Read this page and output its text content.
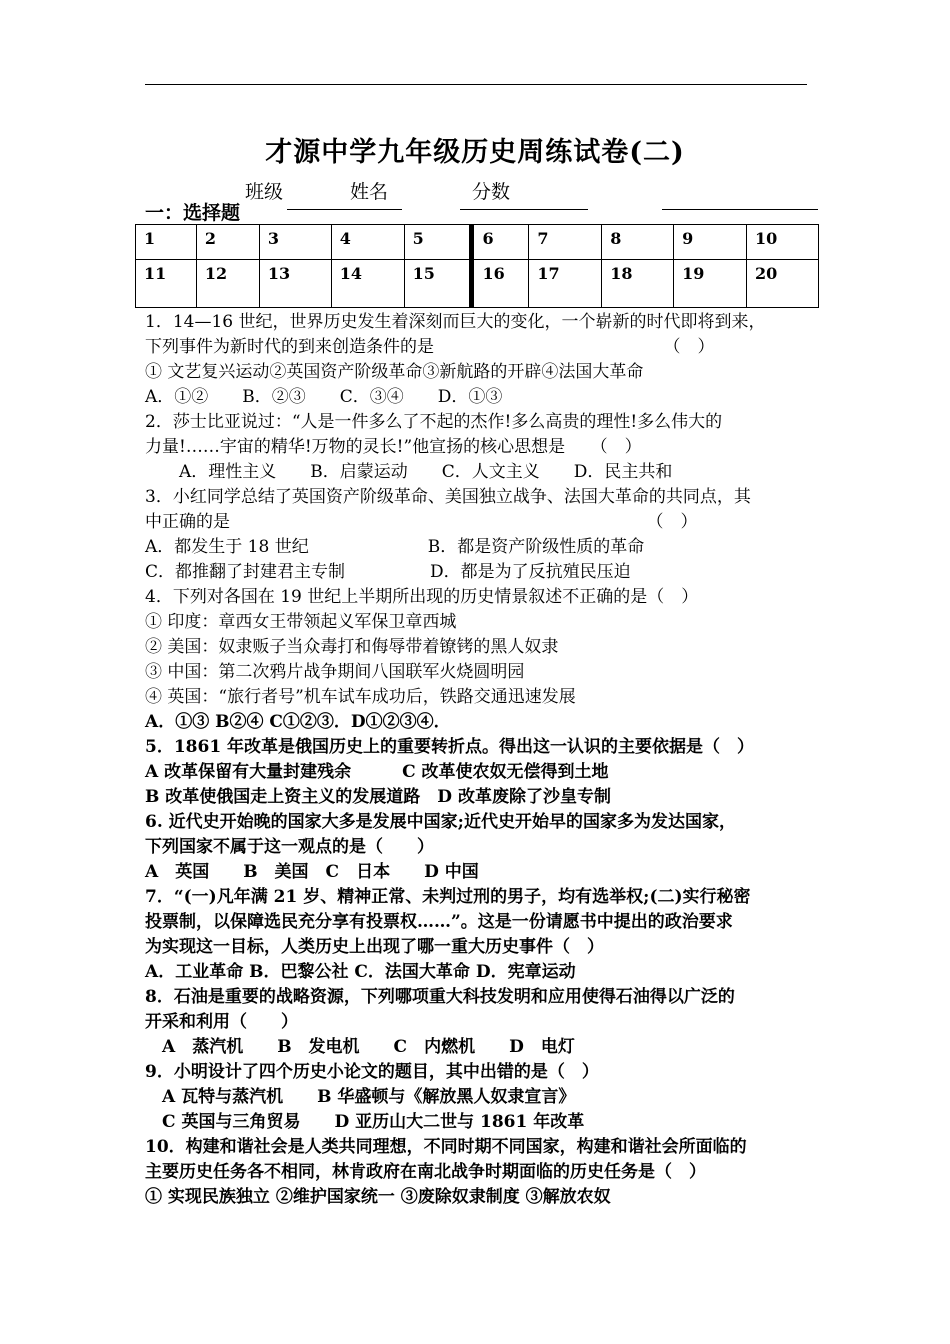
才源中学九年级历史周练试卷(二)
班级	姓名	分数
一：选择题
1	2	3	4	5	6	7	8	9	10
11	12	13	14	15	16	17	18	19	20
1．14—16 世纪，世界历史发生着深刻而巨大的变化，一个崭新的时代即将到来，
下列事件为新时代的到来创造条件的是　　　　　　　　　　　　　　（　）
① 文艺复兴运动②英国资产阶级革命③新航路的开辟④法国大革命
A．①②　　B．②③　　C．③④　　D．①③
2．莎士比亚说过：“人是一件多么了不起的杰作!多么高贵的理性!多么伟大的
力量!……宇宙的精华!万物的灵长!”他宣扬的核心思想是　　（　）
　　A．理性主义　　B．启蒙运动　　C．人文主义　　D．民主共和
3．小红同学总结了英国资产阶级革命、美国独立战争、法国大革命的共同点，其
中正确的是　　　　　　　　　　　　　　　　　　　　　　　　　（　）
A．都发生于 18 世纪　　　　　　　B．都是资产阶级性质的革命
C．都推翻了封建君主专制　　　　　D．都是为了反抗殖民压迫
4．下列对各国在 19 世纪上半期所出现的历史情景叙述不正确的是（　）
① 印度：章西女王带领起义军保卫章西城
② 美国：奴隶贩子当众毒打和侮辱带着镣铐的黑人奴隶
③ 中国：第二次鸦片战争期间八国联军火烧圆明园
④ 英国：“旅行者号”机车试车成功后，铁路交通迅速发展
A．①③ B②④ C①②③．D①②③④．
5．1861 年改革是俄国历史上的重要转折点。得出这一认识的主要依据是（　）
A 改革保留有大量封建残余　　　C 改革使农奴无偿得到土地
B 改革使俄国走上资主义的发展道路　D 改革废除了沙皇专制
6. 近代史开始晚的国家大多是发展中国家;近代史开始早的国家多为发达国家，
下列国家不属于这一观点的是（　　）
A　英国　　B　美国　C　日本　　D 中国
7．“(一)凡年满 21 岁、精神正常、未判过刑的男子，均有选举权;(二)实行秘密
投票制，以保障选民充分享有投票权……”。这是一份请愿书中提出的政治要求
为实现这一目标，人类历史上出现了哪一重大历史事件（　）
A．工业革命 B．巴黎公社 C．法国大革命 D．宪章运动
8．石油是重要的战略资源，下列哪项重大科技发明和应用使得石油得以广泛的
开采和利用（　　）
　A　蒸汽机　　B　发电机　　C　内燃机　　D　电灯
9．小明设计了四个历史小论文的题目，其中出错的是（　）
　A 瓦特与蒸汽机　　B 华盛顿与《解放黑人奴隶宣言》
　C 英国与三角贸易　　D 亚历山大二世与 1861 年改革
10．构建和谐社会是人类共同理想，不同时期不同国家，构建和谐社会所面临的
主要历史任务各不相同，林肯政府在南北战争时期面临的历史任务是（　）
① 实现民族独立 ②维护国家统一 ③废除奴隶制度 ③解放农奴
